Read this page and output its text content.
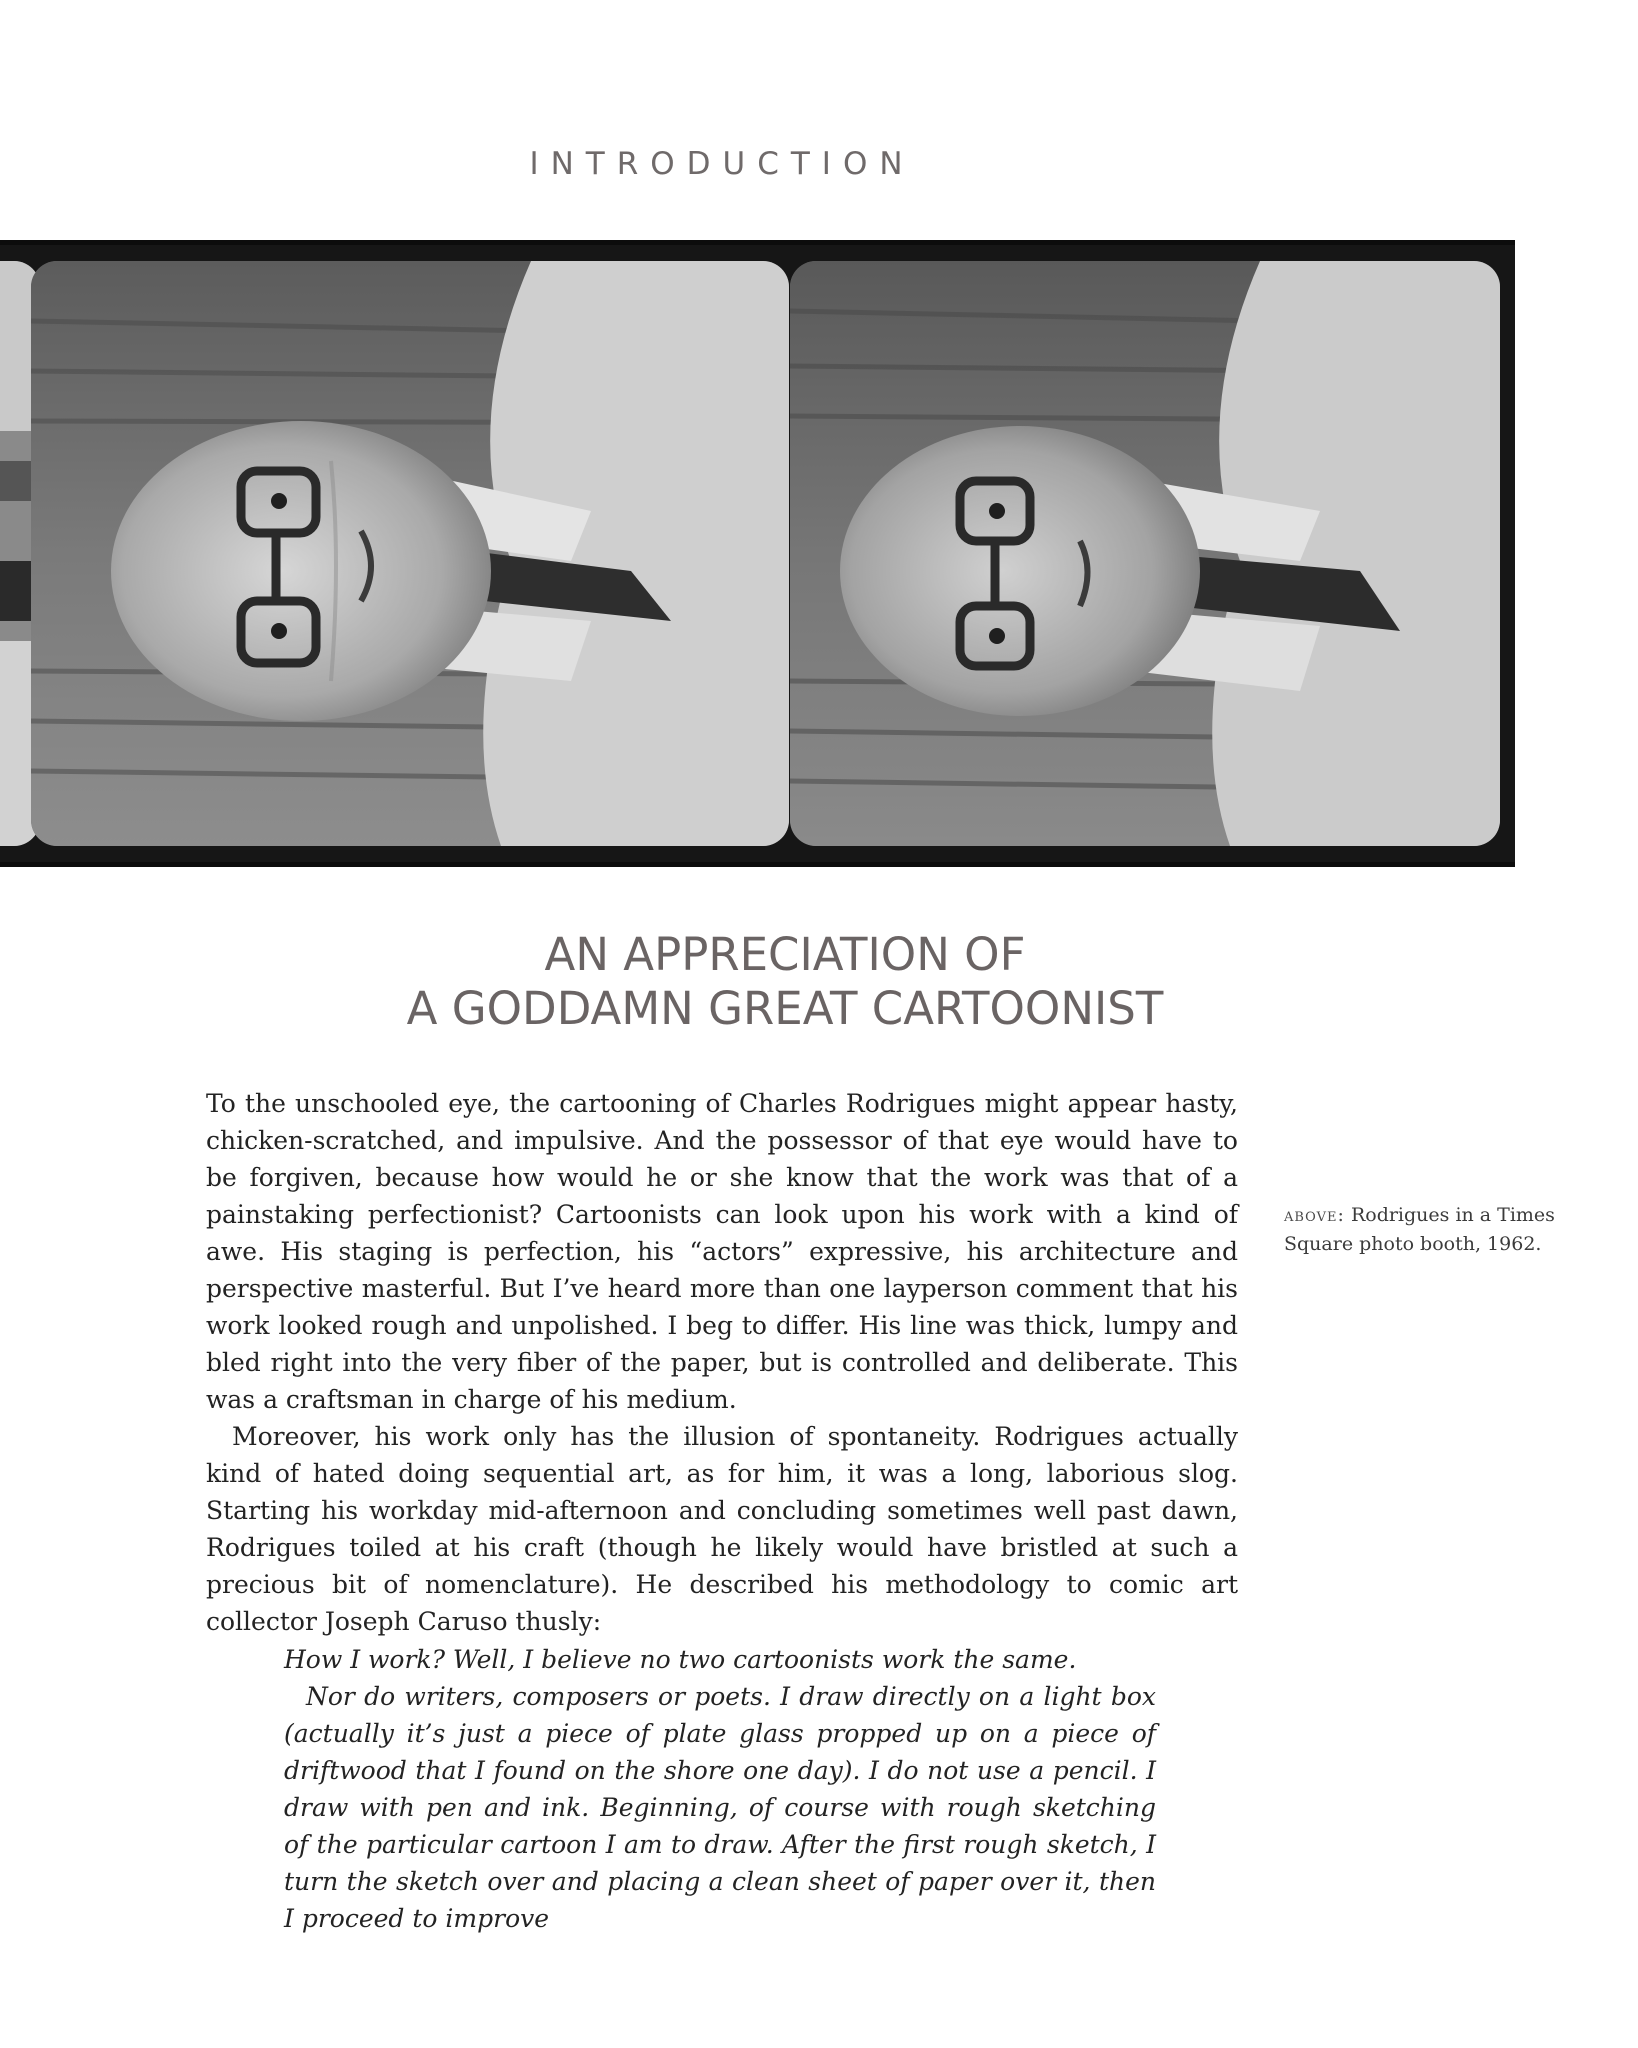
INTRODUCTION
AN APPRECIATION OF
A GODDAMN GREAT CARTOONIST

To the unschooled eye, the cartooning of Charles Rodrigues might appear hasty, chicken-scratched, and impulsive. And the possessor of that eye would have to be forgiven, because how would he or she know that the work was that of a painstaking perfectionist? Cartoonists can look upon his work with a kind of awe. His staging is perfection, his “actors” expressive, his architecture and perspective masterful. But I’ve heard more than one layperson comment that his work looked rough and unpolished. I beg to differ. His line was thick, lumpy and bled right into the very fiber of the paper, but is controlled and deliberate. This was a craftsman in charge of his medium.

Moreover, his work only has the illusion of spontaneity. Rodrigues actually kind of hated doing sequential art, as for him, it was a long, laborious slog. Starting his workday mid-afternoon and concluding sometimes well past dawn, Rodrigues toiled at his craft (though he likely would have bristled at such a precious bit of nomenclature). He described his methodology to comic art collector Joseph Caruso thusly:

above: Rodrigues in a Times Square photo booth, 1962.

How I work? Well, I believe no two cartoonists work the same.

Nor do writers, composers or poets. I draw directly on a light box (actually it’s just a piece of plate glass propped up on a piece of driftwood that I found on the shore one day). I do not use a pencil. I draw with pen and ink. Beginning, of course with rough sketching of the particular cartoon I am to draw. After the first rough sketch, I turn the sketch over and placing a clean sheet of paper over it, then I proceed to improve
